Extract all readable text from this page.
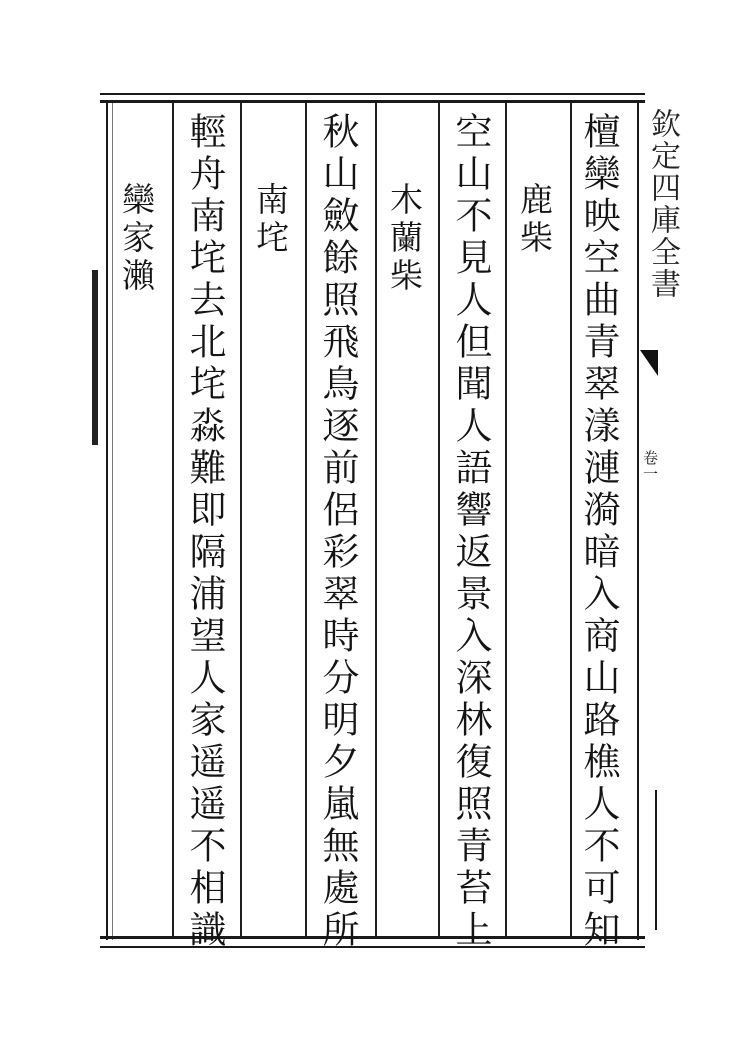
欽定四庫全書
卷一
檀欒映空曲青翠漾漣漪暗入商山路樵人不可知
鹿柴
空山不見人但聞人語響返景入深林復照青苔上
木蘭柴
秋山斂餘照飛鳥逐前侶彩翠時分明夕嵐無處所
南垞
輕舟南垞去北垞淼難即隔浦望人家遥遥不相識
欒家瀨
